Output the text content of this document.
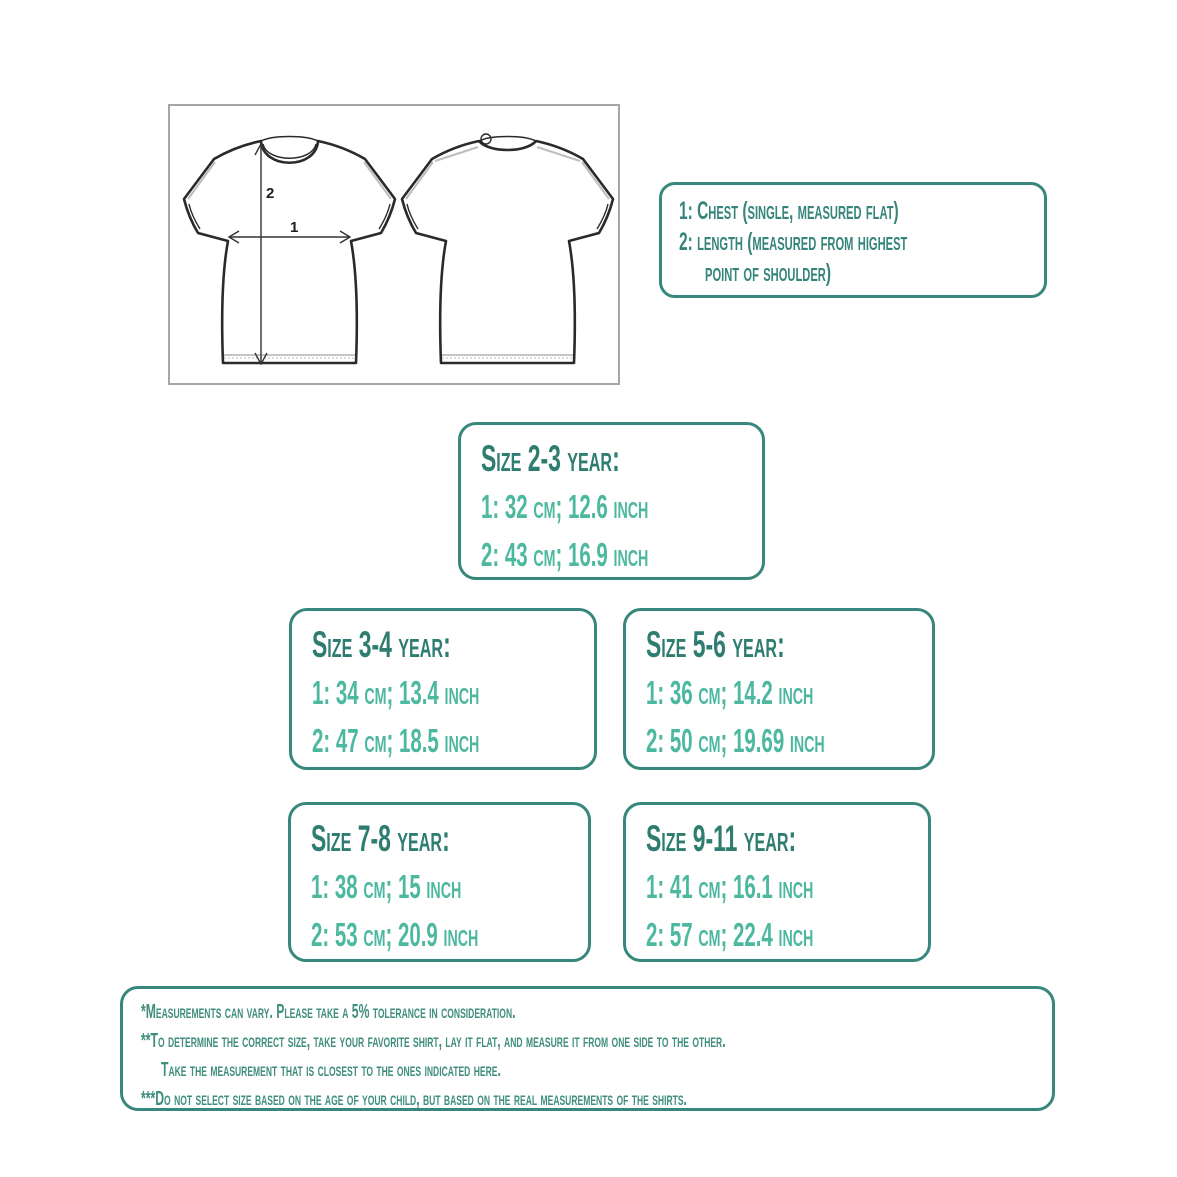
1
2
1: Chest (single, measured flat)
2: length (measured from highest
point of shoulder)
Size 2-3 year:
1: 32 cm; 12.6 inch
2: 43 cm; 16.9 inch
Size 3-4 year:
1: 34 cm; 13.4 inch
2: 47 cm; 18.5 inch
Size 5-6 year:
1: 36 cm; 14.2 inch
2: 50 cm; 19.69 inch
Size 7-8 year:
1: 38 cm; 15 inch
2: 53 cm; 20.9 inch
Size 9-11 year:
1: 41 cm; 16.1 inch
2: 57 cm; 22.4 inch
*Measurements can vary. Please take a 5% tolerance in consideration.
**To determine the correct size, take your favorite shirt, lay it flat, and measure it from one side to the other.
Take the measurement that is closest to the ones indicated here.
***Do not select size based on the age of your child, but based on the real measurements of the shirts.
